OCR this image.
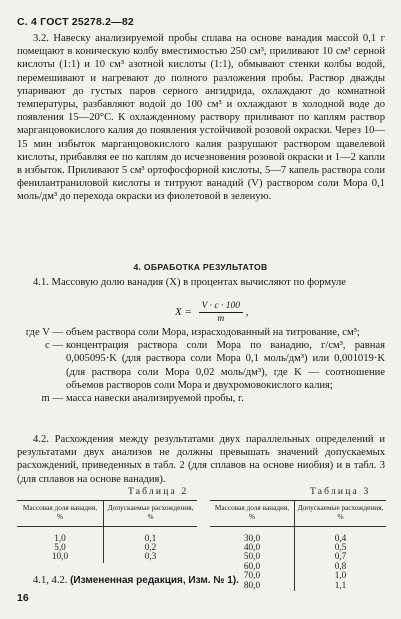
С. 4 ГОСТ 25278.2—82
3.2. Навеску анализируемой пробы сплава на основе ванадия массой 0,1 г помещают в коническую колбу вместимостью 250 см³, приливают 10 см³ серной кислоты (1:1) и 10 см³ азотной кислоты (1:1), обмывают стенки колбы водой, перемешивают и нагревают до полного разложения пробы. Раствор дважды упаривают до густых паров серного ангидрида, охлаждают до комнатной температуры, разбавляют водой до 100 см³ и охлаждают в холодной воде до появления 15—20°С. К охлажденному раствору приливают по каплям раствор марганцовокислого калия до появления устойчивой розовой окраски. Через 10—15 мин избыток марганцовокислого калия разрушают раствором щавелевой кислоты, прибавляя ее по каплям до исчезновения розовой окраски и 1—2 капли в избыток. Приливают 5 см³ ортофосфорной кислоты, 5—7 капель раствора соли фенилантраниловой кислоты и титруют ванадий (V) раствором соли Мора 0,1 моль/дм³ до перехода окраски из фиолетовой в зеленую.
4. ОБРАБОТКА РЕЗУЛЬТАТОВ
4.1. Массовую долю ванадия (X) в процентах вычисляют по формуле
$X = \frac{V \cdot c \cdot 100}{m}$ ,
где V — объем раствора соли Мора, израсходованный на титрование, см³;
c — концентрация раствора соли Мора по ванадию, г/см³, равная 0,005095·K (для раствора соли Мора 0,1 моль/дм³) или 0,001019·K (для раствора соли Мора 0,02 моль/дм³), где K — соотношение объемов растворов соли Мора и двухромовокислого калия;
m — масса навески анализируемой пробы, г.
4.2. Расхождения между результатами двух параллельных определений и результатами двух анализов не должны превышать значений допускаемых расхождений, приведенных в табл. 2 (для сплавов на основе ниобия) и в табл. 3 (для сплавов на основе ванадия).
Таблица 2
Массовая доля ванадия, %	Допускаемые расхождения, %
1,0	0,1
5,0	0,2
10,0	0,3
Таблица 3
Массовая доля ванадия, %	Допускаемые расхождения, %
30,0	0,4
40,0	0,5
50,0	0,7
60,0	0,8
70,0	1,0
80,0	1,1
4.1, 4.2. (Измененная редакция, Изм. № 1).
16
